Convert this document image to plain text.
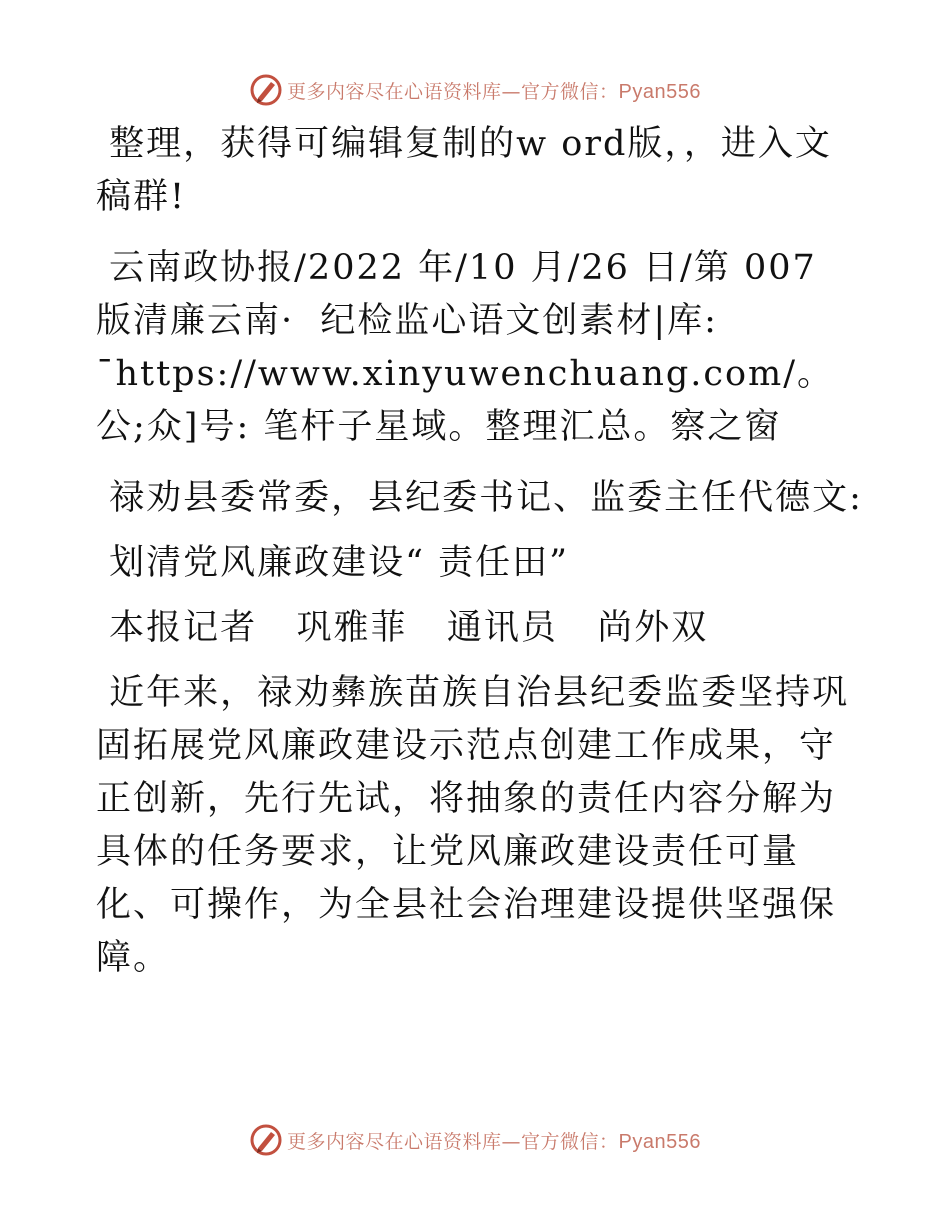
更多内容尽在心语资料库—官方微信：Pyan556

整理，获得可编辑复制的w ord版，，进入文稿群!

云南政协报/2022 年/10 月/26 日/第 007 版清廉云南·  纪检监心语文创素材|库: ¯https://www.xinyuwenchuang.com/。公;众]号: 笔杆子星域。整理汇总。察之窗

禄劝县委常委，县纪委书记、监委主任代德文:

划清党风廉政建设“ 责任田”

本报记者   巩雅菲   通讯员   尚外双

近年来，禄劝彝族苗族自治县纪委监委坚持巩固拓展党风廉政建设示范点创建工作成果，守正创新，先行先试，将抽象的责任内容分解为具体的任务要求，让党风廉政建设责任可量化、可操作，为全县社会治理建设提供坚强保障。

更多内容尽在心语资料库—官方微信：Pyan556
